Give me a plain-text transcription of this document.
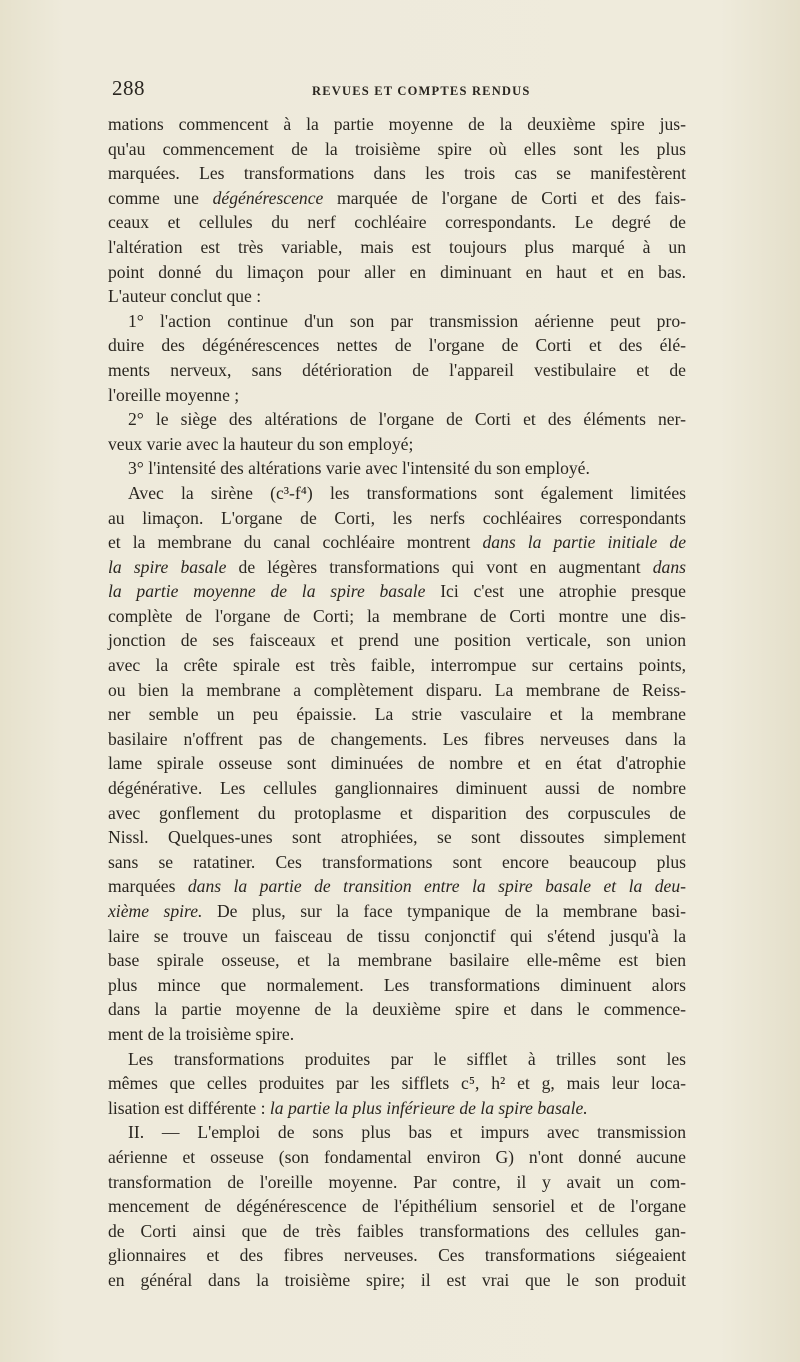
288	REVUES ET COMPTES RENDUS
mations commencent à la partie moyenne de la deuxième spire jus-
qu'au commencement de la troisième spire où elles sont les plus
marquées. Les transformations dans les trois cas se manifestèrent
comme une dégénérescence marquée de l'organe de Corti et des fais-
ceaux et cellules du nerf cochléaire correspondants. Le degré de
l'altération est très variable, mais est toujours plus marqué à un
point donné du limaçon pour aller en diminuant en haut et en bas.
L'auteur conclut que :
1° l'action continue d'un son par transmission aérienne peut pro-
duire des dégénérescences nettes de l'organe de Corti et des élé-
ments nerveux, sans détérioration de l'appareil vestibulaire et de
l'oreille moyenne ;
2° le siège des altérations de l'organe de Corti et des éléments ner-
veux varie avec la hauteur du son employé;
3° l'intensité des altérations varie avec l'intensité du son employé.
Avec la sirène (c³-f⁴) les transformations sont également limitées
au limaçon. L'organe de Corti, les nerfs cochléaires correspondants
et la membrane du canal cochléaire montrent dans la partie initiale de
la spire basale de légères transformations qui vont en augmentant dans
la partie moyenne de la spire basale Ici c'est une atrophie presque
complète de l'organe de Corti; la membrane de Corti montre une dis-
jonction de ses faisceaux et prend une position verticale, son union
avec la crête spirale est très faible, interrompue sur certains points,
ou bien la membrane a complètement disparu. La membrane de Reiss-
ner semble un peu épaissie. La strie vasculaire et la membrane
basilaire n'offrent pas de changements. Les fibres nerveuses dans la
lame spirale osseuse sont diminuées de nombre et en état d'atrophie
dégénérative. Les cellules ganglionnaires diminuent aussi de nombre
avec gonflement du protoplasme et disparition des corpuscules de
Nissl. Quelques-unes sont atrophiées, se sont dissoutes simplement
sans se ratatiner. Ces transformations sont encore beaucoup plus
marquées dans la partie de transition entre la spire basale et la deu-
xième spire. De plus, sur la face tympanique de la membrane basi-
laire se trouve un faisceau de tissu conjonctif qui s'étend jusqu'à la
base spirale osseuse, et la membrane basilaire elle-même est bien
plus mince que normalement. Les transformations diminuent alors
dans la partie moyenne de la deuxième spire et dans le commence-
ment de la troisième spire.
Les transformations produites par le sifflet à trilles sont les
mêmes que celles produites par les sifflets c⁵, h² et g, mais leur loca-
lisation est différente : la partie la plus inférieure de la spire basale.
II. — L'emploi de sons plus bas et impurs avec transmission
aérienne et osseuse (son fondamental environ G) n'ont donné aucune
transformation de l'oreille moyenne. Par contre, il y avait un com-
mencement de dégénérescence de l'épithélium sensoriel et de l'organe
de Corti ainsi que de très faibles transformations des cellules gan-
glionnaires et des fibres nerveuses. Ces transformations siégeaient
en général dans la troisième spire; il est vrai que le son produit
